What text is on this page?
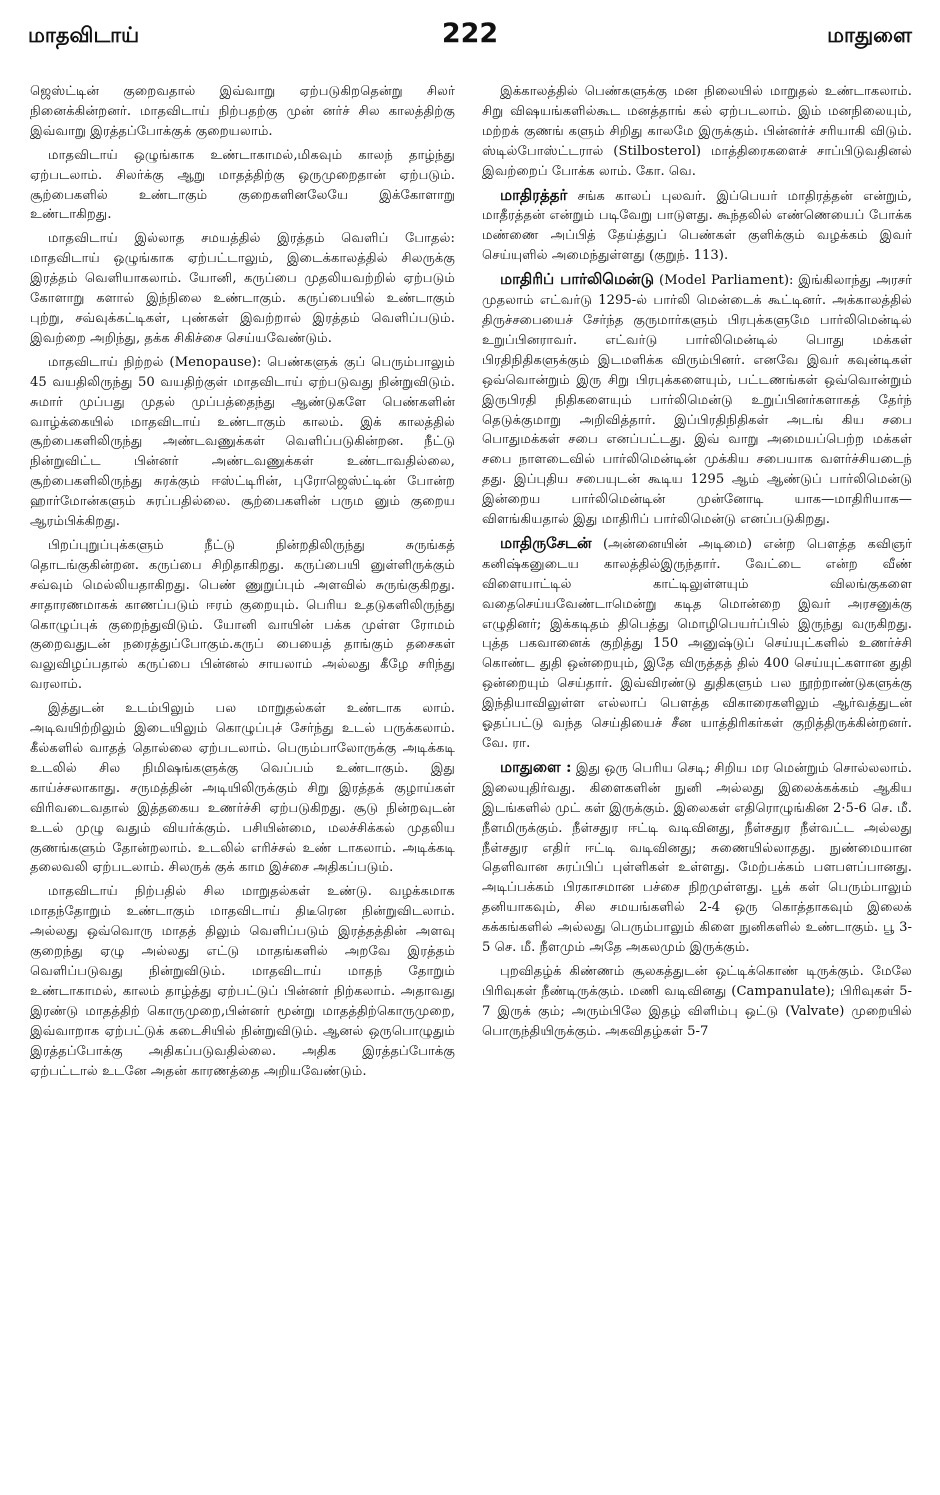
மாதவிடாய்	222	மாதுளை

ஜெஸ்ட்டின் குறைவதால் இவ்வாறு ஏற்படுகிறதென்று சிலர் நினைக்கின்றனர். மாதவிடாய் நிற்பதற்கு முன் னர்ச் சில காலத்திற்கு இவ்வாறு இரத்தப்போக்குக் குறையலாம்.

மாதவிடாய் ஒழுங்காக உண்டாகாமல்,மிகவும் காலந் தாழ்ந்து ஏற்படலாம். சிலர்க்கு ஆறு மாதத்திற்கு ஒருமுறைதான் ஏற்படும். சூற்பைகளில் உண்டாகும் குறைகளினலேயே இக்கோளாறு உண்டாகிறது.

மாதவிடாய் இல்லாத சமயத்தில் இரத்தம் வெளிப் போதல்: மாதவிடாய் ஒழுங்காக ஏற்பட்டாலும், இடைக்காலத்தில் சிலருக்கு இரத்தம் வெளியாகலாம். யோனி, கருப்பை முதலியவற்றில் ஏற்படும் கோளாறு களால் இந்நிலை உண்டாகும். கருப்பையில் உண்டாகும் புற்று, சவ்வுக்கட்டிகள், புண்கள் இவற்றால் இரத்தம் வெளிப்படும். இவற்றை அறிந்து, தக்க சிகிச்சை செய்யவேண்டும்.

மாதவிடாய் நிற்றல் (Menopause): பெண்களுக் குப் பெரும்பாலும் 45 வயதிலிருந்து 50 வயதிற்குள் மாதவிடாய் ஏற்படுவது நின்றுவிடும். சுமார் முப்பது முதல் முப்பத்தைந்து ஆண்டுகளே பெண்களின் வாழ்க்கையில் மாதவிடாய் உண்டாகும் காலம். இக் காலத்தில் சூற்பைகளிலிருந்து அண்டவணுக்கள் வெளிப்படுகின்றன. நீட்டு நின்றுவிட்ட பின்னர் அண்டவணுக்கள் உண்டாவதில்லை, சூற்பைகளிலிருந்து சுரக்கும் ஈஸ்ட்டிரின், புரோஜெஸ்ட்டின் போன்ற ஹார்மோன்களும் சுரப்பதில்லை. சூற்பைகளின் பரும னும் குறைய ஆரம்பிக்கிறது.

பிறப்புறுப்புக்களும் நீட்டு நின்றதிலிருந்து சுருங்கத் தொடங்குகின்றன. கருப்பை சிறிதாகிறது. கருப்பையி னுள்ளிருக்கும் சவ்வும் மெல்லியதாகிறது. பெண் ணுறுப்பும் அளவில் சுருங்குகிறது. சாதாரணமாகக் காணப்படும் ஈரம் குறையும். பெரிய உதடுகளிலிருந்து கொழுப்புக் குறைந்துவிடும். யோனி வாயின் பக்க முள்ள ரோமம் குறைவதுடன் நரைத்துப்போகும்.கருப் பையைத் தாங்கும் தசைகள் வலுவிழப்பதால் கருப்பை பின்னல் சாயலாம் அல்லது கீழே சரிந்து வரலாம்.

இத்துடன் உடம்பிலும் பல மாறுதல்கள் உண்டாக லாம். அடிவயிற்றிலும் இடையிலும் கொழுப்புச் சேர்ந்து உடல் பருக்கலாம். கீல்களில் வாதத் தொல்லை ஏற்படலாம். பெரும்பாலோருக்கு அடிக்கடி உடலில் சில நிமிஷங்களுக்கு வெப்பம் உண்டாகும். இது காய்ச்சலாகாது. சருமத்தின் அடியிலிருக்கும் சிறு இரத்தக் குழாய்கள் விரிவடைவதால் இத்தகைய உணர்ச்சி ஏற்படுகிறது. சூடு நின்றவுடன் உடல் முழு வதும் வியர்க்கும். பசியின்மை, மலச்சிக்கல் முதலிய குணங்களும் தோன்றலாம். உடலில் எரிச்சல் உண் டாகலாம். அடிக்கடி தலைவலி ஏற்படலாம். சிலருக் குக் காம இச்சை அதிகப்படும்.

மாதவிடாய் நிற்பதில் சில மாறுதல்கள் உண்டு. வழக்கமாக மாதந்தோறும் உண்டாகும் மாதவிடாய் திடீரென நின்றுவிடலாம். அல்லது ஒவ்வொரு மாதத் திலும் வெளிப்படும் இரத்தத்தின் அளவு குறைந்து ஏழு அல்லது எட்டு மாதங்களில் அறவே இரத்தம் வெளிப்படுவது நின்றுவிடும். மாதவிடாய் மாதந் தோறும் உண்டாகாமல், காலம் தாழ்த்து ஏற்பட்டுப் பின்னர் நிற்கலாம். அதாவது இரண்டு மாதத்திற் கொருமுறை,பின்னர் மூன்று மாதத்திற்கொருமுறை, இவ்வாறாக ஏற்பட்டுக் கடைசியில் நின்றுவிடும். ஆனல் ஒருபொழுதும் இரத்தப்போக்கு அதிகப்படுவதில்லை. அதிக இரத்தப்போக்கு ஏற்பட்டால் உடனே அதன் காரணத்தை அறியவேண்டும்.

இக்காலத்தில் பெண்களுக்கு மன நிலையில் மாறுதல் உண்டாகலாம். சிறு விஷயங்களில்கூட மனத்தாங் கல் ஏற்படலாம். இம் மனநிலையும், மற்றக் குணங் களும் சிறிது காலமே இருக்கும். பின்னர்ச் சரியாகி விடும். ஸ்டில்போஸ்ட்டரால் (Stilbosterol) மாத்திரைகளைச் சாப்பிடுவதினல் இவற்றைப் போக்க லாம். கோ. வெ.

மாதிரத்தர் சங்க காலப் புலவர். இப்பெயர் மாதிரத்தன் என்றும், மாதீரத்தன் என்றும் படிவேறு பாடுளது. கூந்தலில் எண்ணெயைப் போக்க மண்ணை அப்பித் தேய்த்துப் பெண்கள் குளிக்கும் வழக்கம் இவர் செய்யுளில் அமைந்துள்ளது (குறுந். 113).

மாதிரிப் பார்லிமென்டு (Model Parliament): இங்கிலாந்து அரசர் முதலாம் எட்வர்டு 1295-ல் பார்லி மென்டைக் கூட்டினர். அக்காலத்தில் திருச்சபையைச் சேர்ந்த குருமார்களும் பிரபுக்களுமே பார்லிமென்டில் உறுப்பினராவர். எட்வர்டு பார்லிமென்டில் பொது மக்கள் பிரதிநிதிகளுக்கும் இடமளிக்க விரும்பினர். எனவே இவர் கவுன்டிகள் ஒவ்வொன்றும் இரு சிறு பிரபுக்களையும், பட்டணங்கள் ஒவ்வொன்றும் இருபிரதி நிதிகளையும் பார்லிமென்டு உறுப்பினர்களாகத் தேர்ந் தெடுக்குமாறு அறிவித்தார். இப்பிரதிநிதிகள் அடங் கிய சபை பொதுமக்கள் சபை எனப்பட்டது. இவ் வாறு அமையப்பெற்ற மக்கள் சபை நாளடைவில் பார்லிமென்டின் முக்கிய சபையாக வளர்ச்சியடைந் தது. இப்புதிய சபையுடன் கூடிய 1295 ஆம் ஆண்டுப் பார்லிமென்டு இன்றைய பார்லிமென்டின் முன்னோடி யாக—மாதிரியாக—விளங்கியதால் இது மாதிரிப் பார்லிமென்டு எனப்படுகிறது.

மாதிருசேடன் (அன்னையின் அடிமை) என்ற பௌத்த கவிஞர் கனிஷ்கனுடைய காலத்தில்இருந்தார். வேட்டை என்ற வீண் விளையாட்டில் காட்டிலுள்ளயும் விலங்குகளை வதைசெய்யவேண்டாமென்று கடித மொன்றை இவர் அரசனுக்கு எழுதினர்; இக்கடிதம் திபெத்து மொழிபெயர்ப்பில் இருந்து வருகிறது. புத்த பகவானைக் குறித்து 150 அனுஷ்டுப் செய்யுட்களில் உணர்ச்சி கொண்ட துதி ஒன்றையும், இதே விருத்தத் தில் 400 செய்யுட்களான துதி ஒன்றையும் செய்தார். இவ்விரண்டு துதிகளும் பல நூற்றாண்டுகளுக்கு இந்தியாவிலுள்ள எல்லாப் பௌத்த விகாரைகளிலும் ஆர்வத்துடன் ஓதப்பட்டு வந்த செய்தியைச் சீன யாத்திரிகர்கள் குறித்திருக்கின்றனர். வே. ரா.

மாதுளை : இது ஒரு பெரிய செடி; சிறிய மர மென்றும் சொல்லலாம். இலையுதிர்வது. கிளைகளின் நுனி அல்லது இலைக்கக்கம் ஆகிய இடங்களில் முட் கள் இருக்கும். இலைகள் எதிரொழுங்கின 2·5-6 செ. மீ. நீளமிருக்கும். நீள்சதுர ஈட்டி வடிவினது, நீள்சதுர நீள்வட்ட அல்லது நீள்சதுர எதிர் ஈட்டி வடிவினது; சுணையில்லாதது. நுண்மையான தெளிவான சுரப்பிப் புள்ளிகள் உள்ளது. மேற்பக்கம் பளபளப்பானது. அடிப்பக்கம் பிரகாசமான பச்சை நிறமுள்ளது. பூக் கள் பெரும்பாலும் தனியாகவும், சில சமயங்களில் 2-4 ஒரு கொத்தாகவும் இலைக் கக்கங்களில் அல்லது பெரும்பாலும் கிளை நுனிகளில் உண்டாகும். பூ 3-5 செ. மீ. நீளமும் அதே அகலமும் இருக்கும்.

புறவிதழ்க் கிண்ணம் சூலகத்துடன் ஒட்டிக்கொண் டிருக்கும். மேலே பிரிவுகள் நீண்டிருக்கும். மணி வடிவினது (Campanulate); பிரிவுகள் 5-7 இருக் கும்; அரும்பிலே இதழ் விளிம்பு ஒட்டு (Valvate) முறையில் பொருந்தியிருக்கும். அகவிதழ்கள் 5-7
